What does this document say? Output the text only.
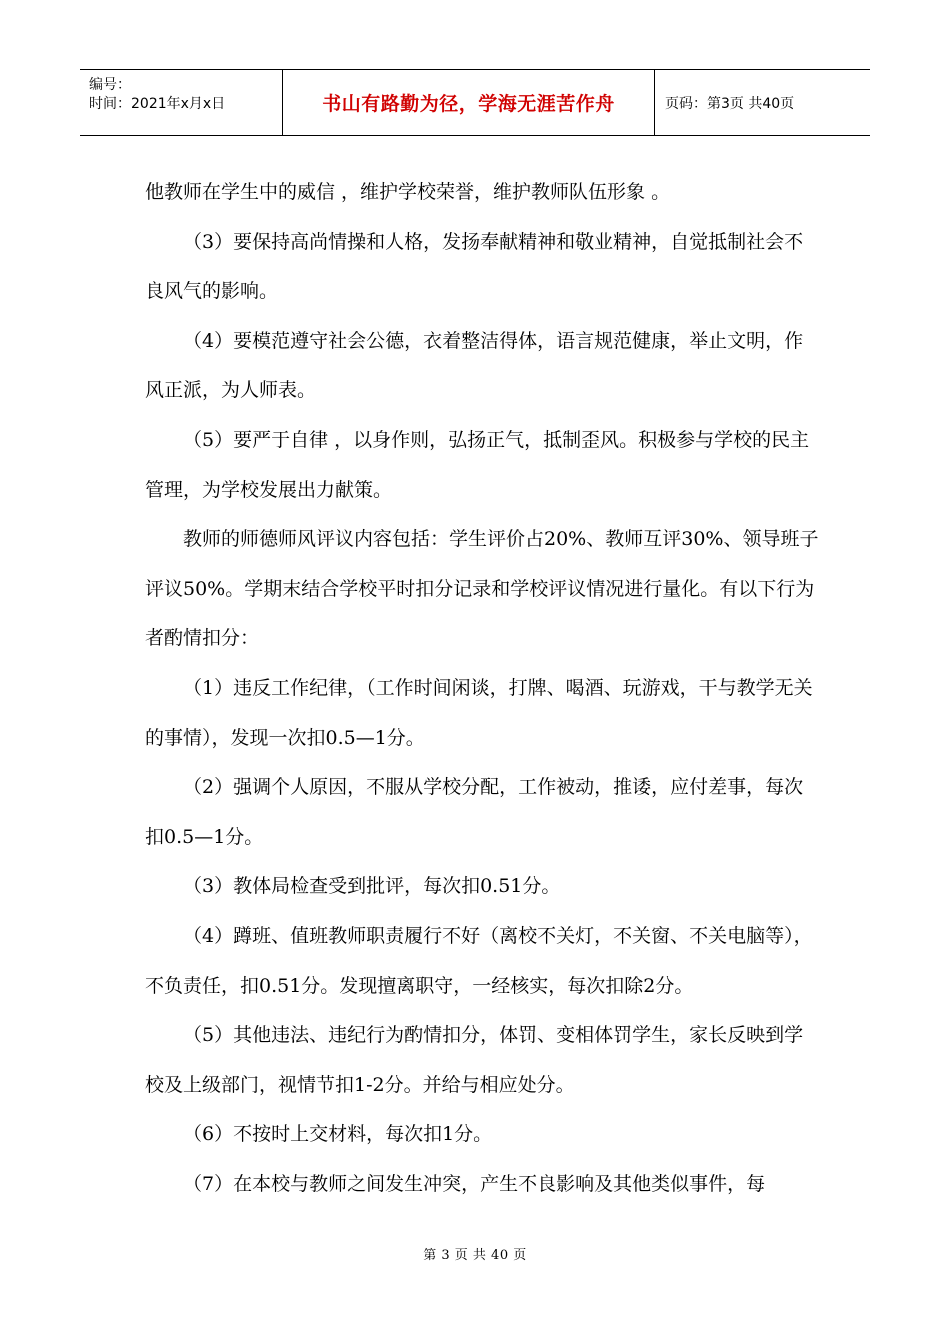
编号：
时间：2021年x月x日	书山有路勤为径，学海无涯苦作舟	页码：第3页 共40页

他教师在学生中的威信 ，维护学校荣誉，维护教师队伍形象 。

（3）要保持高尚情操和人格，发扬奉献精神和敬业精神，自觉抵制社会不良风气的影响。

（4）要模范遵守社会公德，衣着整洁得体，语言规范健康，举止文明，作风正派，为人师表。

（5）要严于自律 ，以身作则，弘扬正气，抵制歪风。积极参与学校的民主管理，为学校发展出力献策。

教师的师德师风评议内容包括：学生评价占20%、教师互评30%、领导班子评议50%。学期末结合学校平时扣分记录和学校评议情况进行量化。有以下行为者酌情扣分：

（1）违反工作纪律，（工作时间闲谈，打牌、喝酒、玩游戏，干与教学无关的事情），发现一次扣0.5—1分。

（2）强调个人原因，不服从学校分配，工作被动，推诿，应付差事，每次扣0.5—1分。

（3）教体局检查受到批评，每次扣0.51分。

（4）蹲班、值班教师职责履行不好（离校不关灯，不关窗、不关电脑等），不负责任，扣0.51分。发现擅离职守，一经核实，每次扣除2分。

（5）其他违法、违纪行为酌情扣分，体罚、变相体罚学生，家长反映到学校及上级部门，视情节扣1-2分。并给与相应处分。

（6）不按时上交材料，每次扣1分。

（7）在本校与教师之间发生冲突，产生不良影响及其他类似事件，每

第 3 页 共 40 页
